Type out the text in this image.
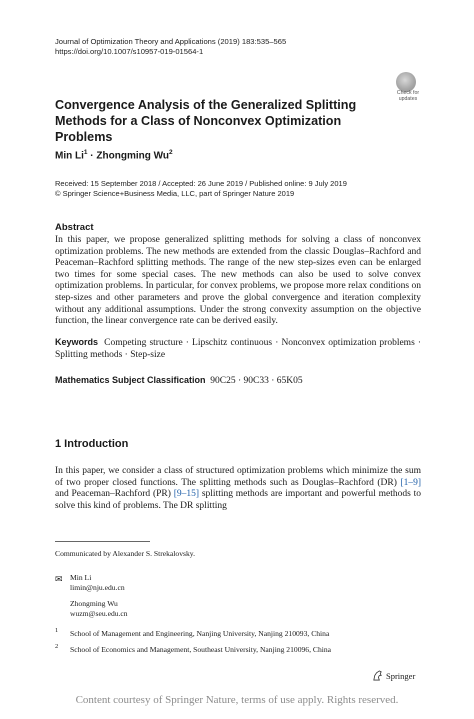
Journal of Optimization Theory and Applications (2019) 183:535–565
https://doi.org/10.1007/s10957-019-01564-1
Check for
updates
Convergence Analysis of the Generalized Splitting Methods for a Class of Nonconvex Optimization Problems
Min $Li^1$ · Zhongming Wu$^2$
Received: 15 September 2018 / Accepted: 26 June 2019 / Published online: 9 July 2019
© Springer Science+Business Media, LLC, part of Springer Nature 2019
Abstract
In this paper, we propose generalized splitting methods for solving a class of nonconvex optimization problems. The new methods are extended from the classic Douglas–Rachford and Peaceman–Rachford splitting methods. The range of the new step-sizes even can be enlarged two times for some special cases. The new methods can also be used to solve convex optimization problems. In particular, for convex problems, we propose more relax conditions on step-sizes and other parameters and prove the global convergence and iteration complexity without any additional assumptions. Under the strong convexity assumption on the objective function, the linear convergence rate can be derived easily.
Keywords Competing structure · Lipschitz continuous · Nonconvex optimization problems · Splitting methods · Step-size
Mathematics Subject Classification 90C25 · 90C33 · 65K05
1 Introduction
In this paper, we consider a class of structured optimization problems which minimize the sum of two proper closed functions. The splitting methods such as Douglas–Rachford (DR) [1–9] and Peaceman–Rachford (PR) [9–15] splitting methods are important and powerful methods to solve this kind of problems. The DR splitting
Communicated by Alexander S. Strekalovsky.
✉ Min Li
limin@nju.edu.cn
Zhongming Wu
wuzm@seu.edu.cn
1 School of Management and Engineering, Nanjing University, Nanjing 210093, China
2 School of Economics and Management, Southeast University, Nanjing 210096, China
Springer
Content courtesy of Springer Nature, terms of use apply. Rights reserved.
